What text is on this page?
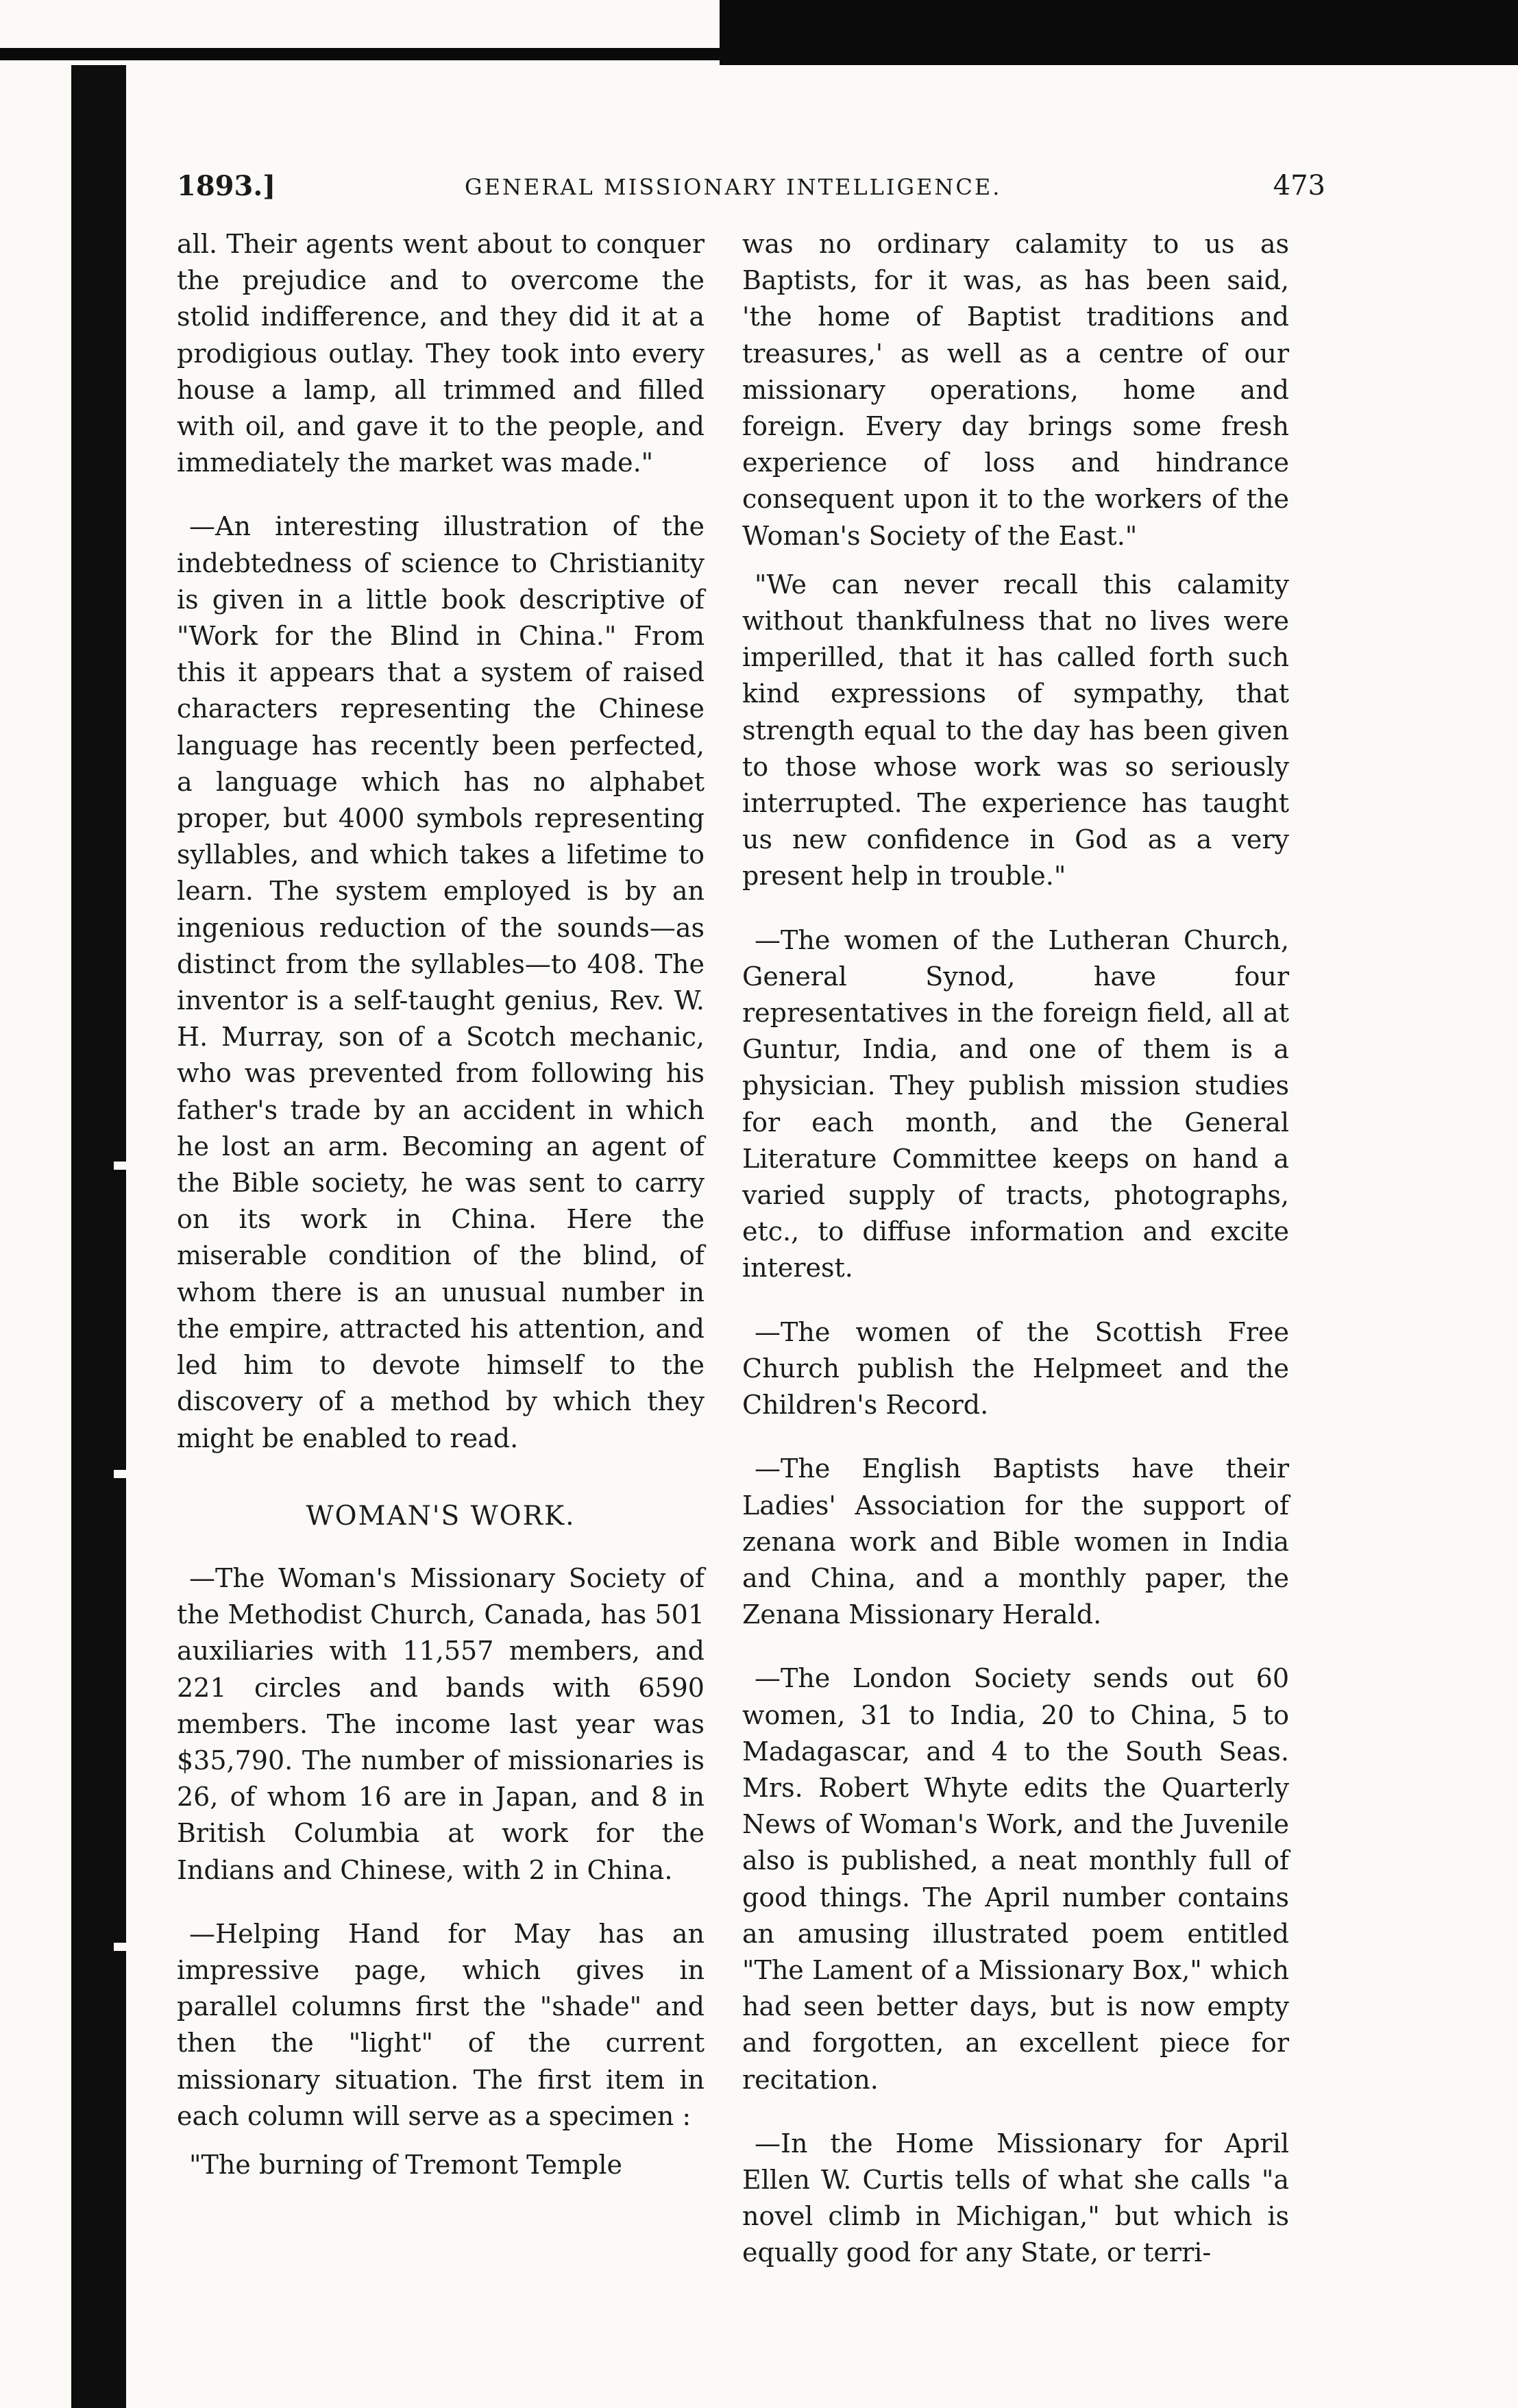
1893.]	GENERAL MISSIONARY INTELLIGENCE.	473

all. Their agents went about to conquer the prejudice and to overcome the stolid indifference, and they did it at a prodigious outlay. They took into every house a lamp, all trimmed and filled with oil, and gave it to the people, and immediately the market was made."

—An interesting illustration of the indebtedness of science to Christianity is given in a little book descriptive of "Work for the Blind in China." From this it appears that a system of raised characters representing the Chinese language has recently been perfected, a language which has no alphabet proper, but 4000 symbols representing syllables, and which takes a lifetime to learn. The system employed is by an ingenious reduction of the sounds—as distinct from the syllables—to 408. The inventor is a self-taught genius, Rev. W. H. Murray, son of a Scotch mechanic, who was prevented from following his father's trade by an accident in which he lost an arm. Becoming an agent of the Bible society, he was sent to carry on its work in China. Here the miserable condition of the blind, of whom there is an unusual number in the empire, attracted his attention, and led him to devote himself to the discovery of a method by which they might be enabled to read.

WOMAN'S WORK.

—The Woman's Missionary Society of the Methodist Church, Canada, has 501 auxiliaries with 11,557 members, and 221 circles and bands with 6590 members. The income last year was $35,790. The number of missionaries is 26, of whom 16 are in Japan, and 8 in British Columbia at work for the Indians and Chinese, with 2 in China.

—Helping Hand for May has an impressive page, which gives in parallel columns first the "shade" and then the "light" of the current missionary situation. The first item in each column will serve as a specimen :

"The burning of Tremont Temple

was no ordinary calamity to us as Baptists, for it was, as has been said, 'the home of Baptist traditions and treasures,' as well as a centre of our missionary operations, home and foreign. Every day brings some fresh experience of loss and hindrance consequent upon it to the workers of the Woman's Society of the East."

"We can never recall this calamity without thankfulness that no lives were imperilled, that it has called forth such kind expressions of sympathy, that strength equal to the day has been given to those whose work was so seriously interrupted. The experience has taught us new confidence in God as a very present help in trouble."

—The women of the Lutheran Church, General Synod, have four representatives in the foreign field, all at Guntur, India, and one of them is a physician. They publish mission studies for each month, and the General Literature Committee keeps on hand a varied supply of tracts, photographs, etc., to diffuse information and excite interest.

—The women of the Scottish Free Church publish the Helpmeet and the Children's Record.

—The English Baptists have their Ladies' Association for the support of zenana work and Bible women in India and China, and a monthly paper, the Zenana Missionary Herald.

—The London Society sends out 60 women, 31 to India, 20 to China, 5 to Madagascar, and 4 to the South Seas. Mrs. Robert Whyte edits the Quarterly News of Woman's Work, and the Juvenile also is published, a neat monthly full of good things. The April number contains an amusing illustrated poem entitled "The Lament of a Missionary Box," which had seen better days, but is now empty and forgotten, an excellent piece for recitation.

—In the Home Missionary for April Ellen W. Curtis tells of what she calls "a novel climb in Michigan," but which is equally good for any State, or terri-
